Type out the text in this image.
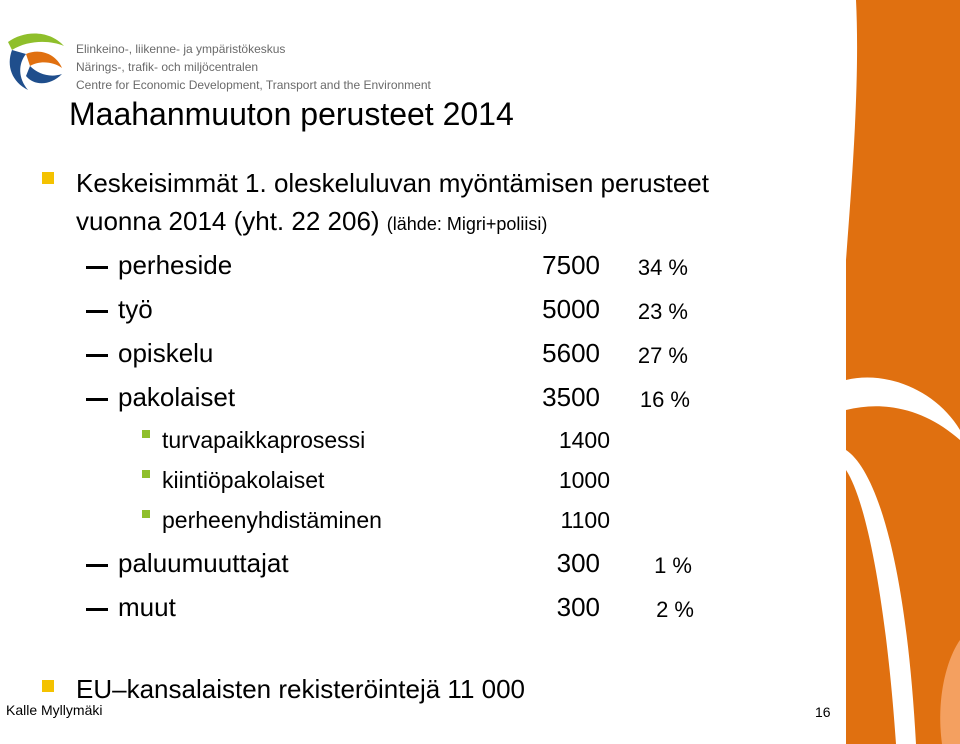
Elinkeino-, liikenne- ja ympäristökeskus
Närings-, trafik- och miljöcentralen
Centre for Economic Development, Transport and the Environment
Maahanmuuton perusteet 2014
Keskeisimmät 1. oleskeluluvan myöntämisen perusteet
vuonna 2014 (yht. 22 206) (lähde: Migri+poliisi)
perheside	7500	34 %
työ	5000	23 %
opiskelu	5600	27 %
pakolaiset	3500	16 %
turvapaikkaprosessi	1400
kiintiöpakolaiset	1000
perheenyhdistäminen	1100
paluumuuttajat	300	1 %
muut	300	2 %
EU–kansalaisten rekisteröintejä 11 000
Kalle Myllymäki	16
